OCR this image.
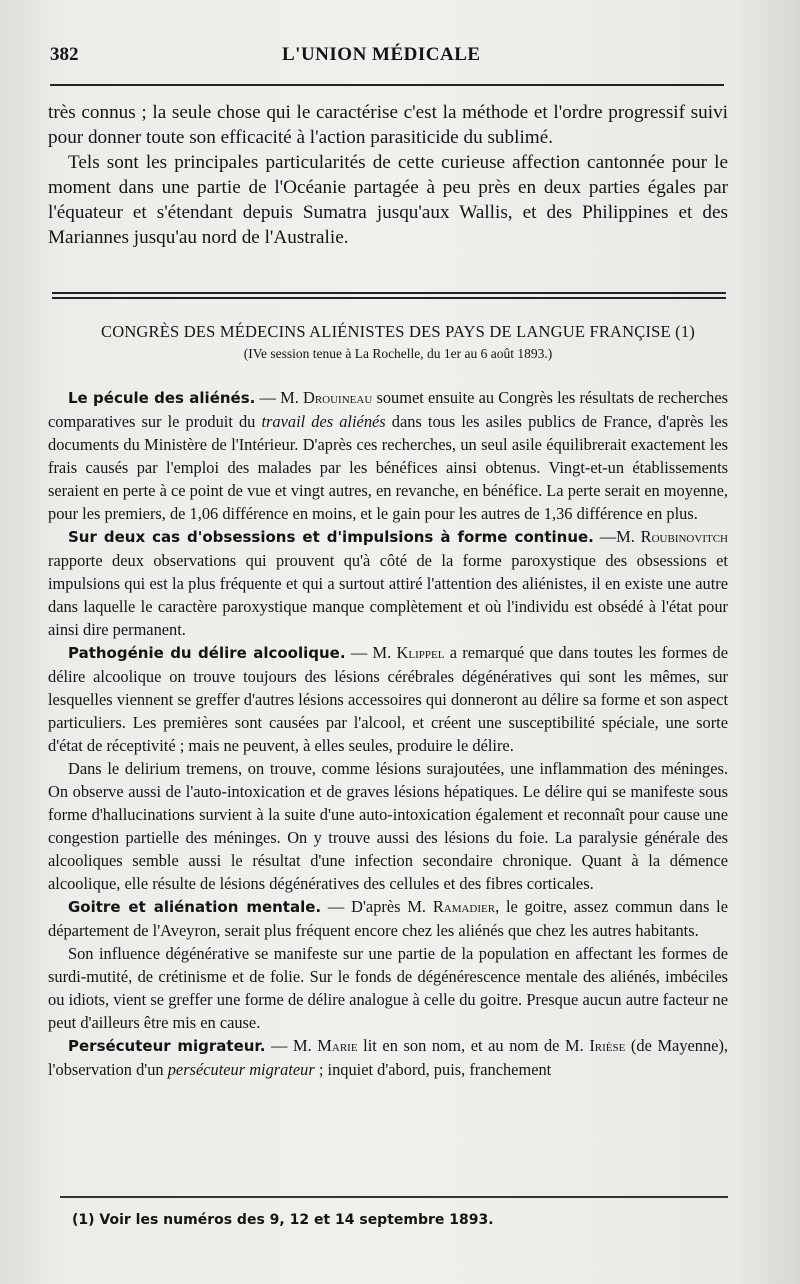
382	L'UNION MÉDICALE

très connus ; la seule chose qui le caractérise c'est la méthode et l'ordre progressif suivi pour donner toute son efficacité à l'action parasiticide du sublimé.

Tels sont les principales particularités de cette curieuse affection cantonnée pour le moment dans une partie de l'Océanie partagée à peu près en deux parties égales par l'équateur et s'étendant depuis Sumatra jusqu'aux Wallis, et des Philippines et des Mariannes jusqu'au nord de l'Australie.

CONGRÈS DES MÉDECINS ALIÉNISTES DES PAYS DE LANGUE FRANÇISE (1)
(IVe session tenue à La Rochelle, du 1er au 6 août 1893.)

Le pécule des aliénés. — M. Drouineau soumet ensuite au Congrès les résultats de recherches comparatives sur le produit du travail des aliénés dans tous les asiles publics de France, d'après les documents du Ministère de l'Intérieur. D'après ces recherches, un seul asile équilibrerait exactement les frais causés par l'emploi des malades par les bénéfices ainsi obtenus. Vingt-et-un établissements seraient en perte à ce point de vue et vingt autres, en revanche, en bénéfice. La perte serait en moyenne, pour les premiers, de 1,06 différence en moins, et le gain pour les autres de 1,36 différence en plus.

Sur deux cas d'obsessions et d'impulsions à forme continue. —M. Roubinovitch rapporte deux observations qui prouvent qu'à côté de la forme paroxystique des obsessions et impulsions qui est la plus fréquente et qui a surtout attiré l'attention des aliénistes, il en existe une autre dans laquelle le caractère paroxystique manque complètement et où l'individu est obsédé à l'état pour ainsi dire permanent.

Pathogénie du délire alcoolique. — M. Klippel a remarqué que dans toutes les formes de délire alcoolique on trouve toujours des lésions cérébrales dégénératives qui sont les mêmes, sur lesquelles viennent se greffer d'autres lésions accessoires qui donneront au délire sa forme et son aspect particuliers. Les premières sont causées par l'alcool, et créent une susceptibilité spéciale, une sorte d'état de réceptivité ; mais ne peuvent, à elles seules, produire le délire.

Dans le delirium tremens, on trouve, comme lésions surajoutées, une inflammation des méninges. On observe aussi de l'auto-intoxication et de graves lésions hépatiques. Le délire qui se manifeste sous forme d'hallucinations survient à la suite d'une auto-intoxication également et reconnaît pour cause une congestion partielle des méninges. On y trouve aussi des lésions du foie. La paralysie générale des alcooliques semble aussi le résultat d'une infection secondaire chronique. Quant à la démence alcoolique, elle résulte de lésions dégénératives des cellules et des fibres corticales.

Goitre et aliénation mentale. — D'après M. Ramadier, le goitre, assez commun dans le département de l'Aveyron, serait plus fréquent encore chez les aliénés que chez les autres habitants.

Son influence dégénérative se manifeste sur une partie de la population en affectant les formes de surdi-mutité, de crétinisme et de folie. Sur le fonds de dégénérescence mentale des aliénés, imbéciles ou idiots, vient se greffer une forme de délire analogue à celle du goitre. Presque aucun autre facteur ne peut d'ailleurs être mis en cause.

Persécuteur migrateur. — M. Marie lit en son nom, et au nom de M. Irièse (de Mayenne), l'observation d'un persécuteur migrateur ; inquiet d'abord, puis, franchement

(1) Voir les numéros des 9, 12 et 14 septembre 1893.
